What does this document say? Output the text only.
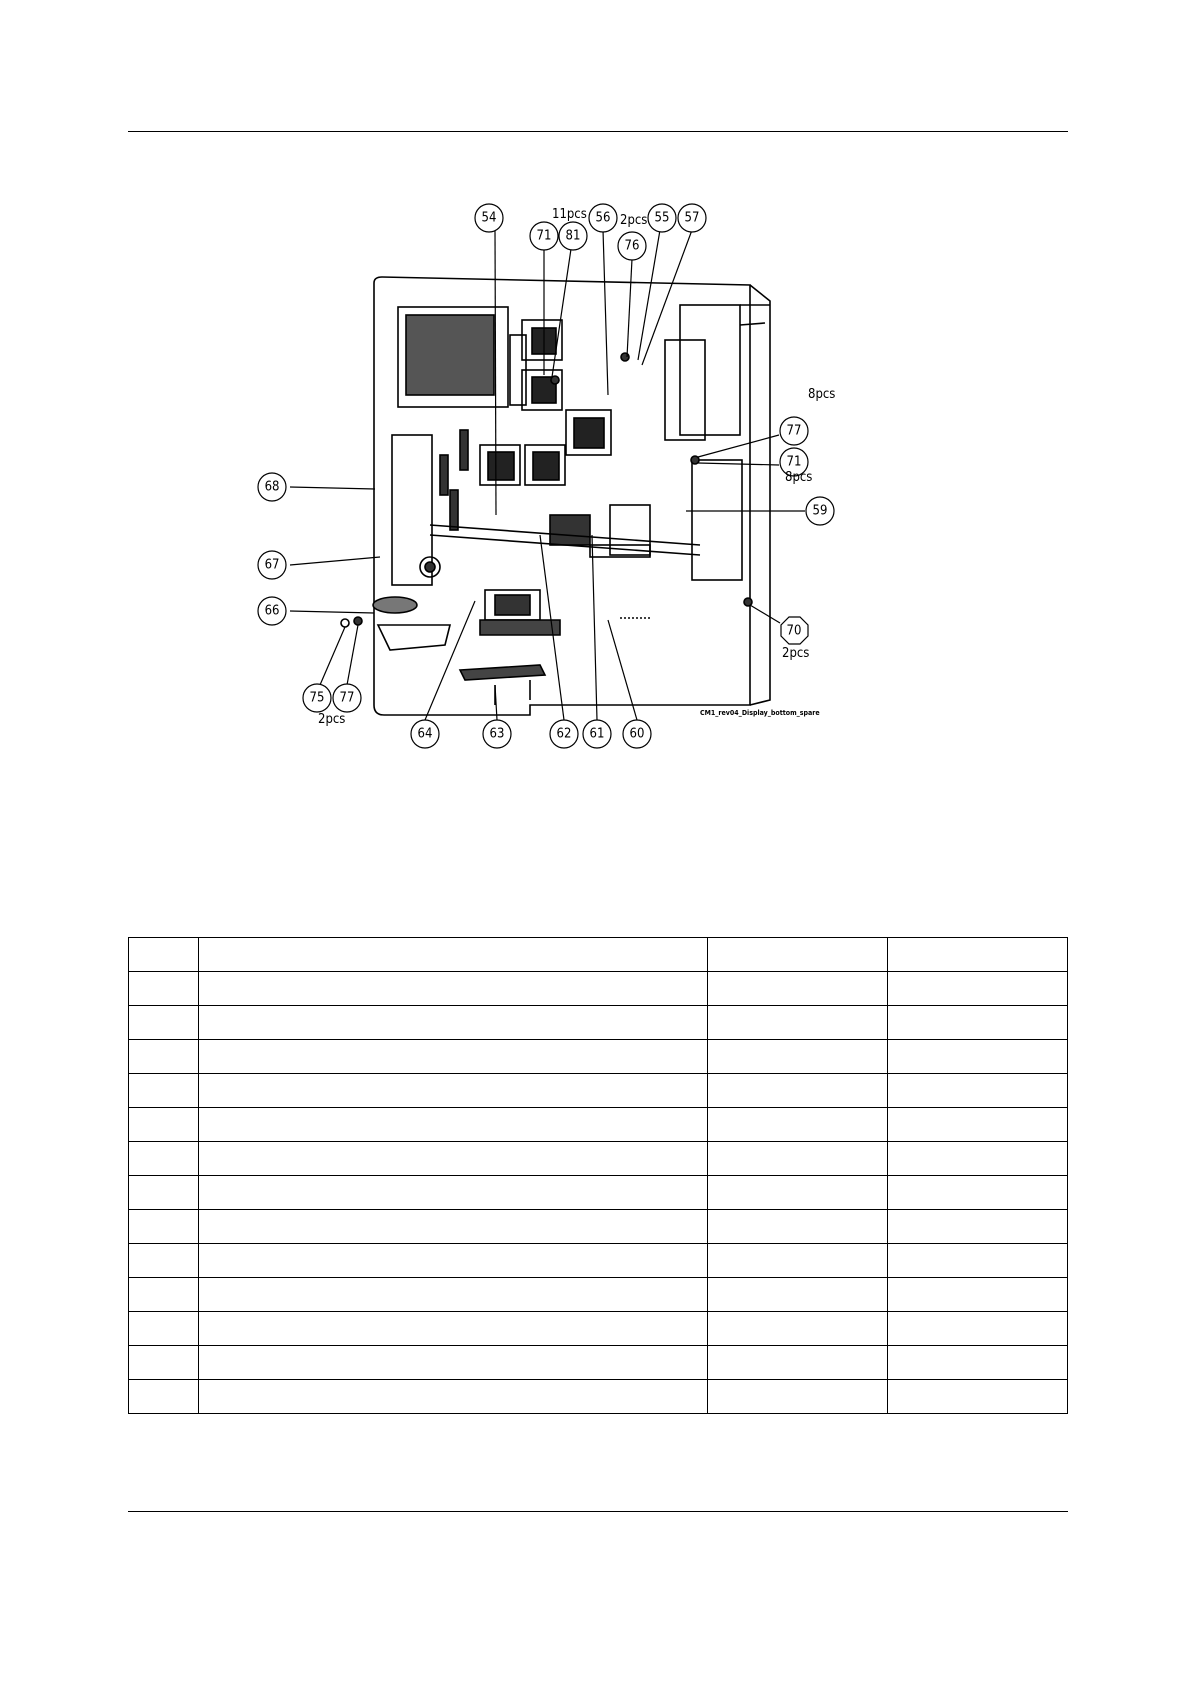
54	56	55 57
71 81
76
77
71
59
68
67
66
70
75 77
64	63	62 61 60
11pcs	2pcs
8pcs
8pcs
2pcs
2pcs	CM1_rev04_Display_bottom_spare
